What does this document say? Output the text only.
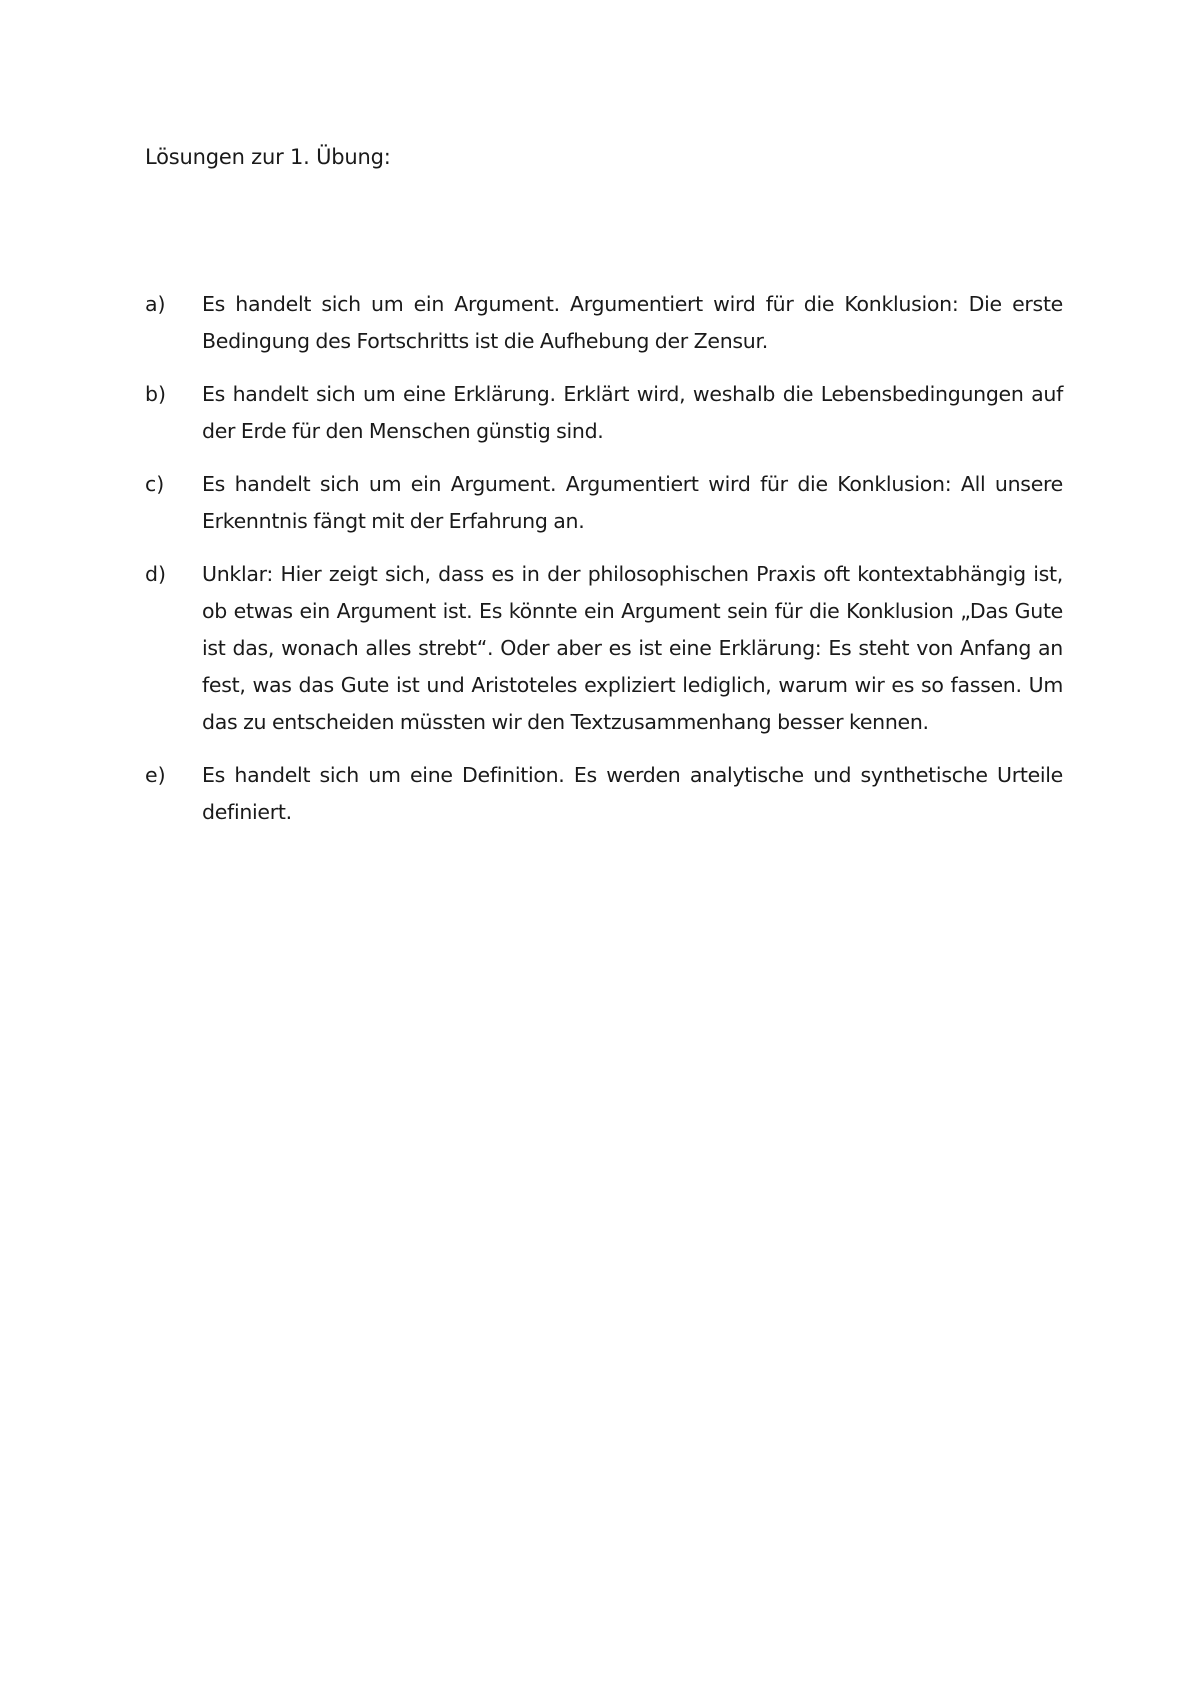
Lösungen zur 1. Übung:
a)	Es handelt sich um ein Argument. Argumentiert wird für die Konklusion: Die erste Bedingung des Fortschritts ist die Aufhebung der Zensur.
b)	Es handelt sich um eine Erklärung. Erklärt wird, weshalb die Lebensbedingungen auf der Erde für den Menschen günstig sind.
c)	Es handelt sich um ein Argument. Argumentiert wird für die Konklusion: All unsere Erkenntnis fängt mit der Erfahrung an.
d)	Unklar: Hier zeigt sich, dass es in der philosophischen Praxis oft kontextabhängig ist, ob etwas ein Argument ist. Es könnte ein Argument sein für die Konklusion „Das Gute ist das, wonach alles strebt“. Oder aber es ist eine Erklärung: Es steht von Anfang an fest, was das Gute ist und Aristoteles expliziert lediglich, warum wir es so fassen. Um das zu entscheiden müssten wir den Textzusammenhang besser kennen.
e)	Es handelt sich um eine Definition. Es werden analytische und synthetische Urteile definiert.
